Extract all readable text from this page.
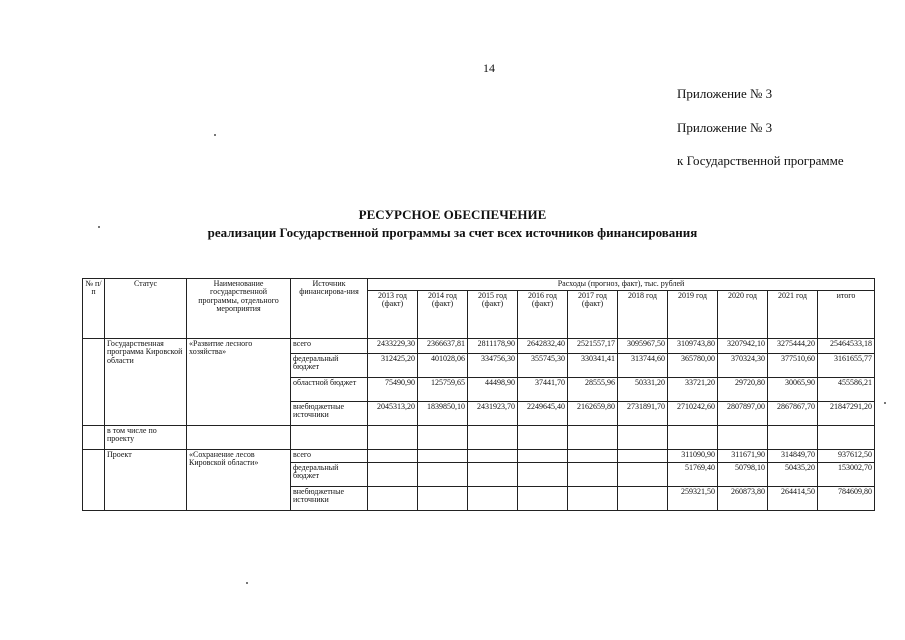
14
Приложение № 3
Приложение № 3
к Государственной программе
РЕСУРСНОЕ ОБЕСПЕЧЕНИЕ
реализации Государственной программы за счет всех источников финансирования
№ п/п	Статус	Наименование государственной программы, отдельного мероприятия	Источник финансирова-ния	Расходы (прогноз, факт), тыс. рублей									
				2013 год (факт)	2014 год (факт)	2015 год (факт)	2016 год (факт)	2017 год (факт)	2018 год	2019 год	2020 год	2021 год	итого
	Государственная программа Кировской области	«Развитие лесного хозяйства»	всего	2433229,30	2366637,81	2811178,90	2642832,40	2521557,17	3095967,50	3109743,80	3207942,10	3275444,20	25464533,18
			федеральный бюджет	312425,20	401028,06	334756,30	355745,30	330341,41	313744,60	365780,00	370324,30	377510,60	3161655,77
			областной бюджет	75490,90	125759,65	44498,90	37441,70	28555,96	50331,20	33721,20	29720,80	30065,90	455586,21
			внебюджетные источники	2045313,20	1839850,10	2431923,70	2249645,40	2162659,80	2731891,70	2710242,60	2807897,00	2867867,70	21847291,20
	в том числе по проекту												
	Проект	«Сохранение лесов Кировской области»	всего							311090,90	311671,90	314849,70	937612,50
			федеральный бюджет							51769,40	50798,10	50435,20	153002,70
			внебюджетные источники							259321,50	260873,80	264414,50	784609,80
